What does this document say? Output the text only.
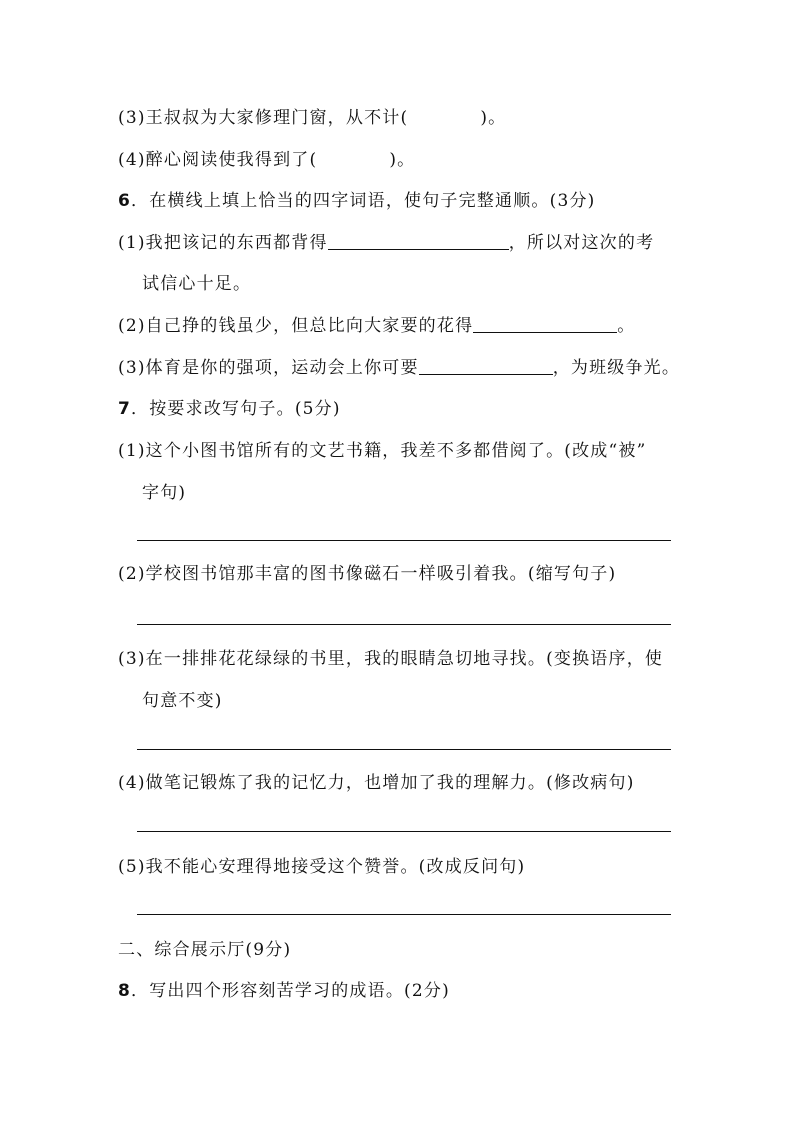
(3)王叔叔为大家修理门窗，从不计(	)。
(4)醉心阅读使我得到了(	)。
6．在横线上填上恰当的四字词语，使句子完整通顺。(3分)
(1)我把该记的东西都背得	，所以对这次的考
试信心十足。
(2)自己挣的钱虽少，但总比向大家要的花得	。
(3)体育是你的强项，运动会上你可要	，为班级争光。
7．按要求改写句子。(5分)
(1)这个小图书馆所有的文艺书籍，我差不多都借阅了。(改成“被”
字句)
(2)学校图书馆那丰富的图书像磁石一样吸引着我。(缩写句子)
(3)在一排排花花绿绿的书里，我的眼睛急切地寻找。(变换语序，使
句意不变)
(4)做笔记锻炼了我的记忆力，也增加了我的理解力。(修改病句)
(5)我不能心安理得地接受这个赞誉。(改成反问句)
二、综合展示厅(9分)
8．写出四个形容刻苦学习的成语。(2分)
